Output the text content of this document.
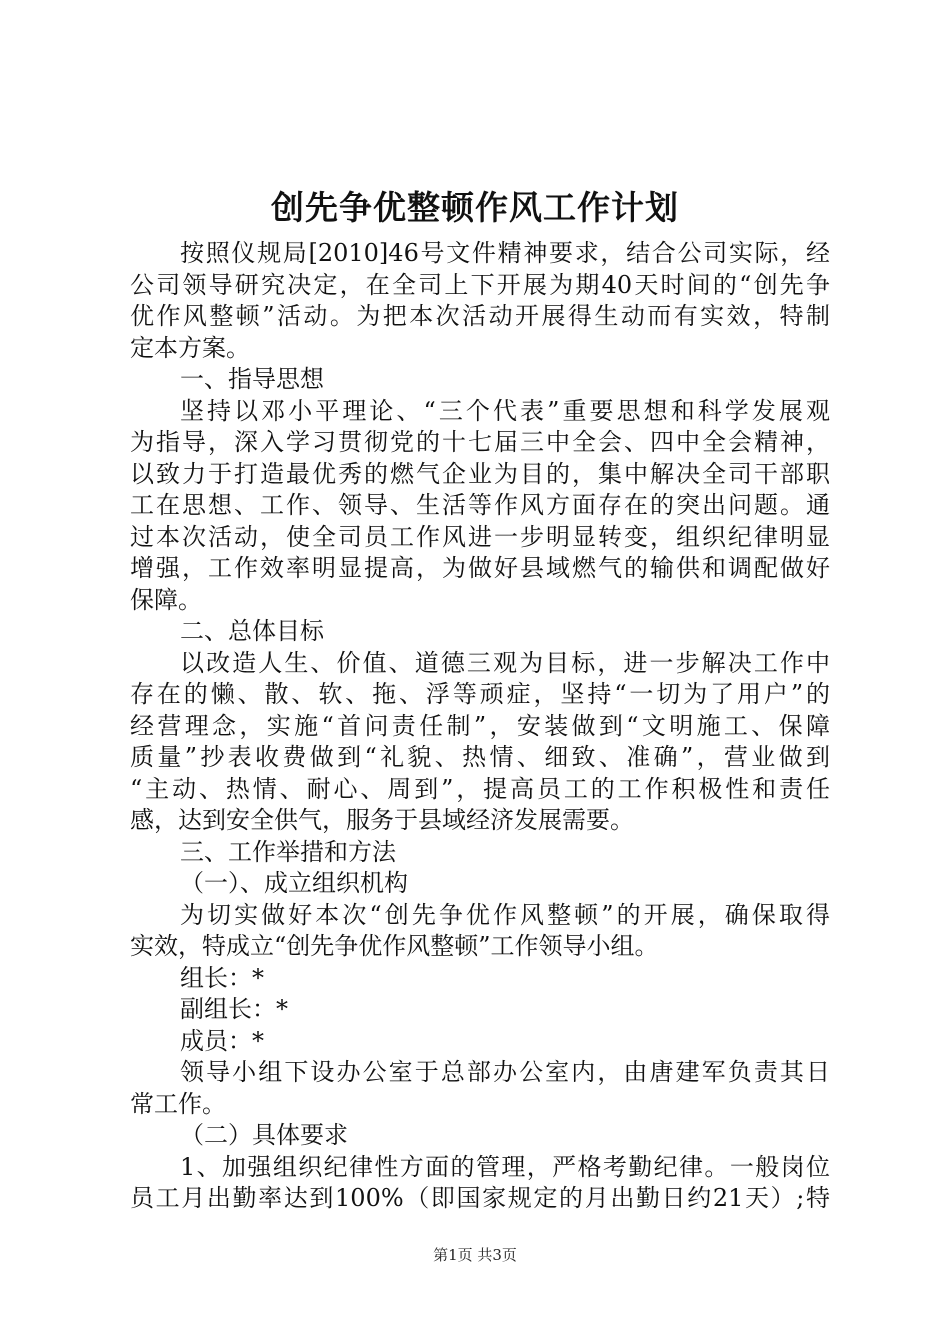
创先争优整顿作风工作计划
按照仪规局[2010]46号文件精神要求，结合公司实际，经
公司领导研究决定，在全司上下开展为期40天时间的“创先争
优作风整顿”活动。为把本次活动开展得生动而有实效，特制
定本方案。
一、指导思想
坚持以邓小平理论、“三个代表”重要思想和科学发展观
为指导，深入学习贯彻党的十七届三中全会、四中全会精神，
以致力于打造最优秀的燃气企业为目的，集中解决全司干部职
工在思想、工作、领导、生活等作风方面存在的突出问题。通
过本次活动，使全司员工作风进一步明显转变，组织纪律明显
增强，工作效率明显提高，为做好县域燃气的输供和调配做好
保障。
二、总体目标
以改造人生、价值、道德三观为目标，进一步解决工作中
存在的懒、散、软、拖、浮等顽症，坚持“一切为了用户”的
经营理念，实施“首问责任制”，安装做到“文明施工、保障
质量”抄表收费做到“礼貌、热情、细致、准确”，营业做到
“主动、热情、耐心、周到”，提高员工的工作积极性和责任
感，达到安全供气，服务于县域经济发展需要。
三、工作举措和方法
（一）、成立组织机构
为切实做好本次“创先争优作风整顿”的开展，确保取得
实效，特成立“创先争优作风整顿”工作领导小组。
组长：*
副组长：*
成员：*
领导小组下设办公室于总部办公室内，由唐建军负责其日
常工作。
（二）具体要求
1、加强组织纪律性方面的管理，严格考勤纪律。一般岗位
员工月出勤率达到100%（即国家规定的月出勤日约21天）;特
第1页 共3页
